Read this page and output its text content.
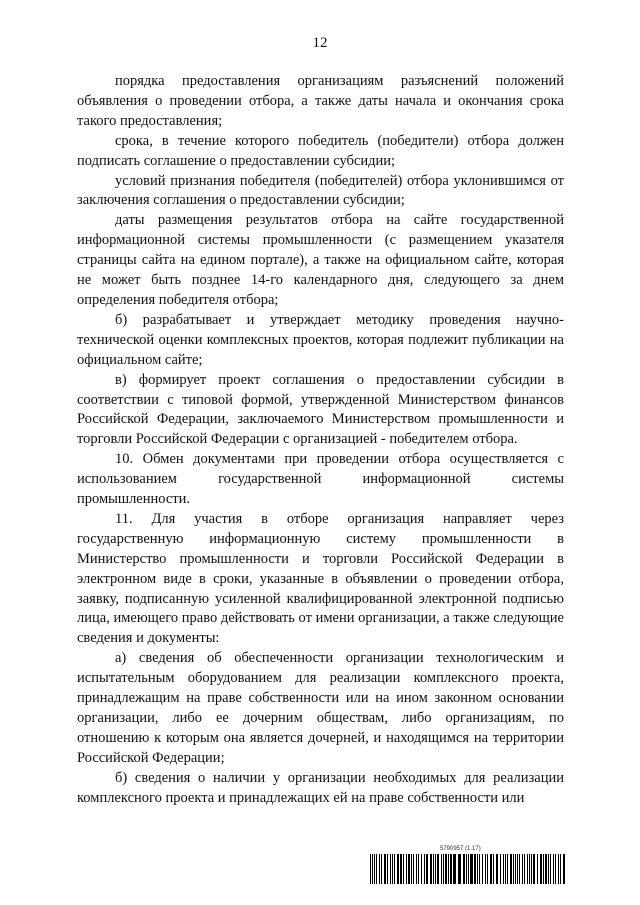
12

порядка предоставления организациям разъяснений положений объявления о проведении отбора, а также даты начала и окончания срока такого предоставления;

срока, в течение которого победитель (победители) отбора должен подписать соглашение о предоставлении субсидии;

условий признания победителя (победителей) отбора уклонившимся от заключения соглашения о предоставлении субсидии;

даты размещения результатов отбора на сайте государственной информационной системы промышленности (с размещением указателя страницы сайта на едином портале), а также на официальном сайте, которая не может быть позднее 14-го календарного дня, следующего за днем определения победителя отбора;

б) разрабатывает и утверждает методику проведения научно-технической оценки комплексных проектов, которая подлежит публикации на официальном сайте;

в) формирует проект соглашения о предоставлении субсидии в соответствии с типовой формой, утвержденной Министерством финансов Российской Федерации, заключаемого Министерством промышленности и торговли Российской Федерации с организацией - победителем отбора.

10. Обмен документами при проведении отбора осуществляется с использованием государственной информационной системы промышленности.

11. Для участия в отборе организация направляет через государственную информационную систему промышленности в Министерство промышленности и торговли Российской Федерации в электронном виде в сроки, указанные в объявлении о проведении отбора, заявку, подписанную усиленной квалифицированной электронной подписью лица, имеющего право действовать от имени организации, а также следующие сведения и документы:

а) сведения об обеспеченности организации технологическим и испытательным оборудованием для реализации комплексного проекта, принадлежащим на праве собственности или на ином законном основании организации, либо ее дочерним обществам, либо организациям, по отношению к которым она является дочерней, и находящимся на территории Российской Федерации;

б) сведения о наличии у организации необходимых для реализации комплексного проекта и принадлежащих ей на праве собственности или

5790957 (1.17)
